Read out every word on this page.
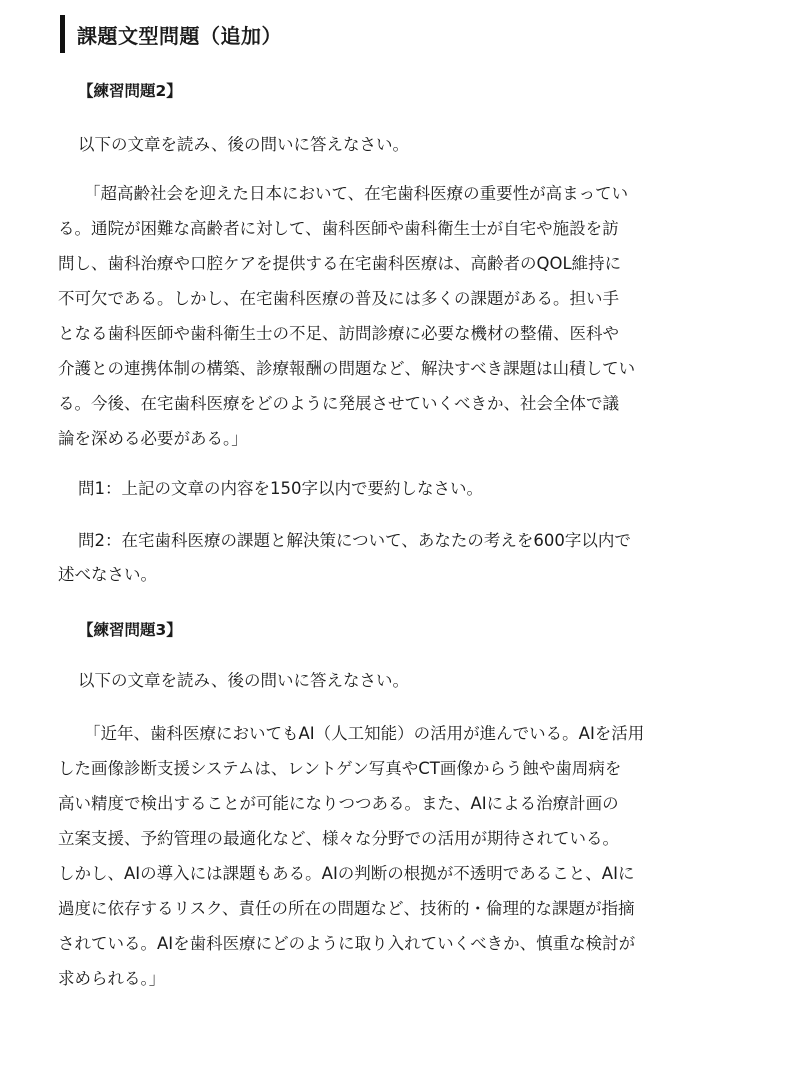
課題文型問題（追加）
【練習問題2】
以下の文章を読み、後の問いに答えなさい。
「超高齢社会を迎えた日本において、在宅歯科医療の重要性が高まってい
る。通院が困難な高齢者に対して、歯科医師や歯科衛生士が自宅や施設を訪
問し、歯科治療や口腔ケアを提供する在宅歯科医療は、高齢者のQOL維持に
不可欠である。しかし、在宅歯科医療の普及には多くの課題がある。担い手
となる歯科医師や歯科衛生士の不足、訪問診療に必要な機材の整備、医科や
介護との連携体制の構築、診療報酬の問題など、解決すべき課題は山積してい
る。今後、在宅歯科医療をどのように発展させていくべきか、社会全体で議
論を深める必要がある。」
問1：上記の文章の内容を150字以内で要約しなさい。
問2：在宅歯科医療の課題と解決策について、あなたの考えを600字以内で
述べなさい。
【練習問題3】
以下の文章を読み、後の問いに答えなさい。
「近年、歯科医療においてもAI（人工知能）の活用が進んでいる。AIを活用
した画像診断支援システムは、レントゲン写真やCT画像からう蝕や歯周病を
高い精度で検出することが可能になりつつある。また、AIによる治療計画の
立案支援、予約管理の最適化など、様々な分野での活用が期待されている。
しかし、AIの導入には課題もある。AIの判断の根拠が不透明であること、AIに
過度に依存するリスク、責任の所在の問題など、技術的・倫理的な課題が指摘
されている。AIを歯科医療にどのように取り入れていくべきか、慎重な検討が
求められる。」
